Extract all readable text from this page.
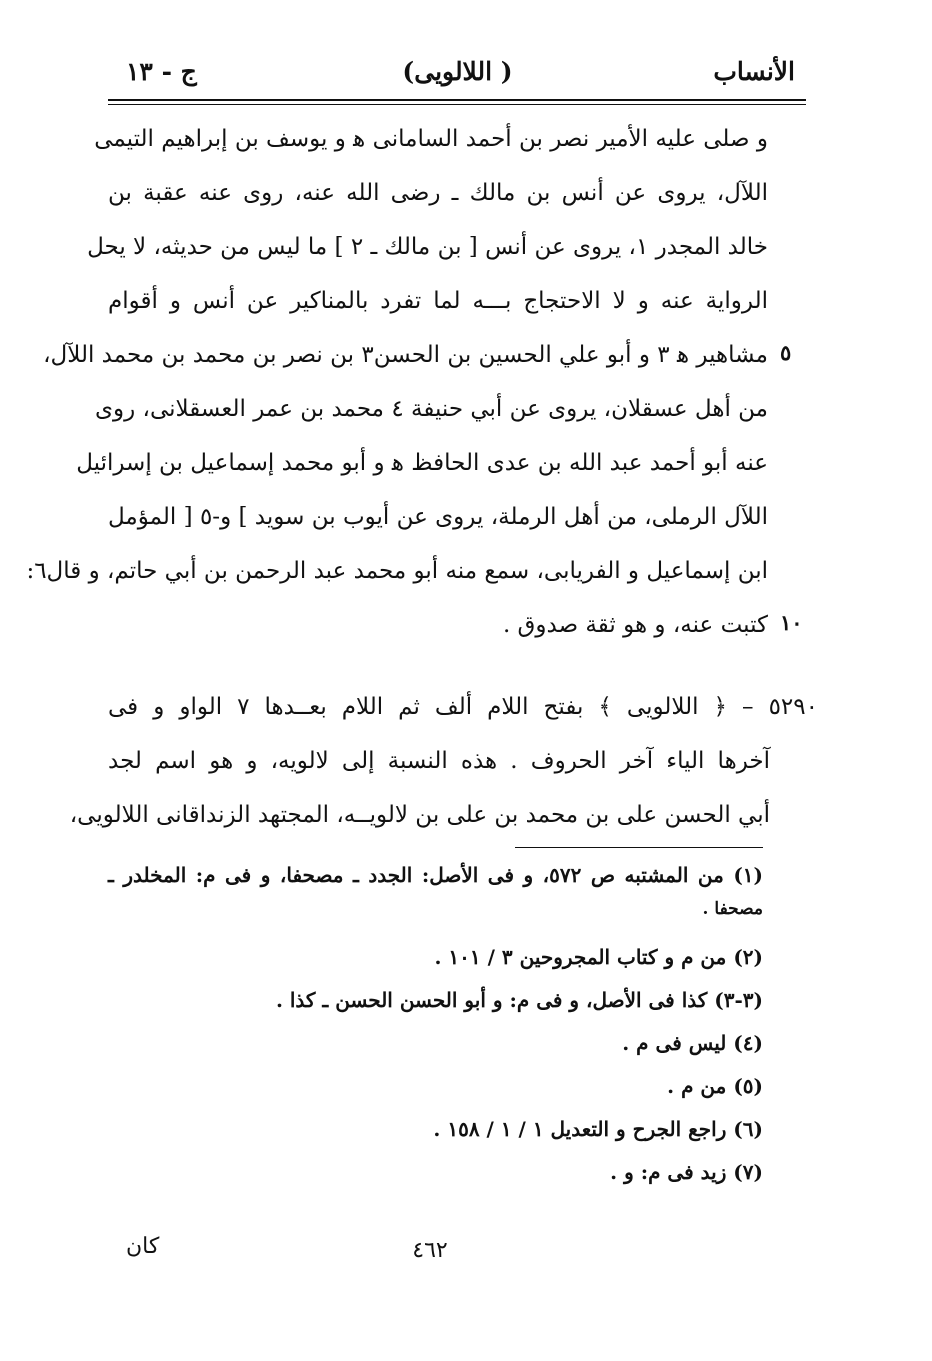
ج - ١٣	(اللالويى )	الأنساب
و صلى عليه الأمير نصر بن أحمد السامانى ه‍ و يوسف بن إبراهيم التيمى
اللآل، يروى عن أنس بن مالك ـ رضى الله عنه، روى عنه عقبة بن
خالد المجدر ١، يروى عن أنس [ بن مالك ـ ٢ ] ما ليس من حديثه، لا يحل
الرواية عنه و لا الاحتجاج بـــه لما تفرد بالمناكير عن أنس و أقوام
مشاهير ه‍ ٣ و أبو علي الحسين بن الحسن٣ بن نصر بن محمد بن محمد اللآل،
من أهل عسقلان، يروى عن أبي حنيفة ٤ محمد بن عمر العسقلانى، روى
عنه أبو أحمد عبد الله بن عدى الحافظ ه‍ و أبو محمد إسماعيل بن إسرائيل
اللآل الرملى، من أهل الرملة، يروى عن أيوب بن سويد ] و-٥ [ المؤمل
ابن إسماعيل و الفريابى، سمع منه أبو محمد عبد الرحمن بن أبي حاتم، و قال٦:
كتبت عنه، و هو ثقة صدوق .
٥
١٠
٥٢٩٠ – ﴿ اللالويى ﴾ بفتح اللام ألف ثم اللام بعــدها ٧ الواو و فى
آخرها الياء آخر الحروف . هذه النسبة إلى لالويه، و هو اسم لجد
أبي الحسن على بن محمد بن على بن لالويــه، المجتهد الزنداقانى اللالويى،
(١) من المشتبه ص ٥٧٢، و فى الأصل: الجدد ـ مصحفا، و فى م: المخلدر ـ
مصحفا .
(٢) من م و كتاب المجروحين ٣ / ١٠١ .
(٣-٣) كذا فى الأصل، و فى م: و أبو الحسن الحسن ـ كذا .
(٤) ليس فى م .
(٥) من م .
(٦) راجع الجرح و التعديل ١ / ١ / ١٥٨ .
(٧) زيد فى م: و .
كان	٤٦٢
